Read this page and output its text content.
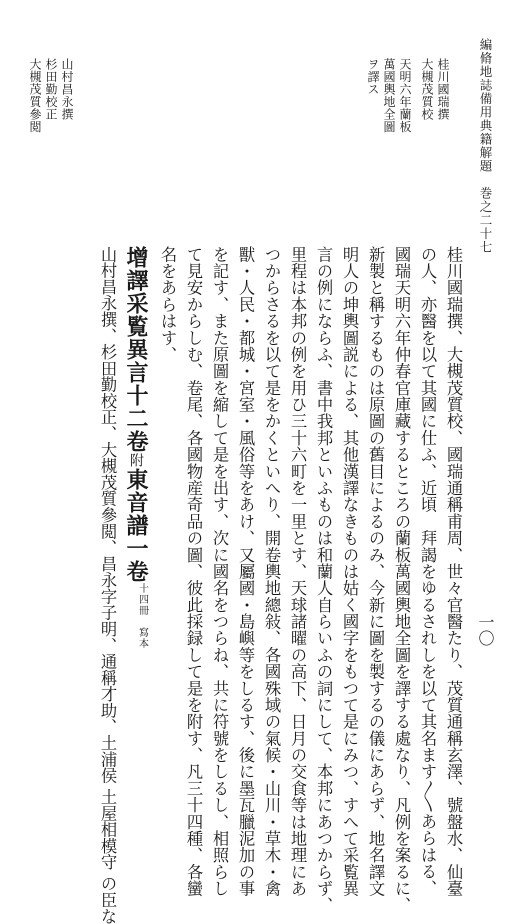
編脩地誌備用典籍解題　巻之二十七
一〇
桂川國瑞撰
大槻茂質校
天明六年蘭板
萬國輿地全圖
ヲ譯ス
山村昌永撰
杉田勤校正
大槻茂質參閲
桂川國瑞撰、大槻茂質校、國瑞通稱甫周、世々官醫たり、茂質通稱玄澤、號盤水、仙臺
の人、亦醫を以て其國に仕ふ、近頃　拜謁をゆるされしを以て其名ます〳〵あらはる、
國瑞天明六年仲春官庫藏するところの蘭板萬國輿地全圖を譯する處なり、凡例を案るに、
新製と稱するものは原圖の舊目によるのみ、今新に圖を製するの儀にあらず、地名譯文
明人の坤輿圖説による、其他漢譯なきものは姑く國字をもつて是にみつ、すへて采覧異
言の例にならふ、書中我邦といふものは和蘭人自らいふの詞にして、本邦にあつからず、
里程は本邦の例を用ひ三十六町を一里とす、天球諸曜の高下、日月の交食等は地理にあ
つからさるを以て是をかくといへり、開卷輿地總敍、各國殊域の氣候・山川・草木・禽
獸・人民・都城・宮室・風俗等をあけ、又屬國・島嶼等をしるす、後に墨瓦臘泥加の事
を記す、また原圖を縮して是を出す、次に國名をつらね、共に符號をしるし、相照らし
て見安からしむ、卷尾、各國物産奇品の圖、彼此採録して是を附す、凡三十四種、各蠻
名をあらはす、
增譯采覧異言十二卷附東音譜一卷十四冊　寫本
山村昌永撰、杉田勤校正、大槻茂質參閲、昌永字子明、通稱才助、土浦侯 土屋相模守 の臣な
